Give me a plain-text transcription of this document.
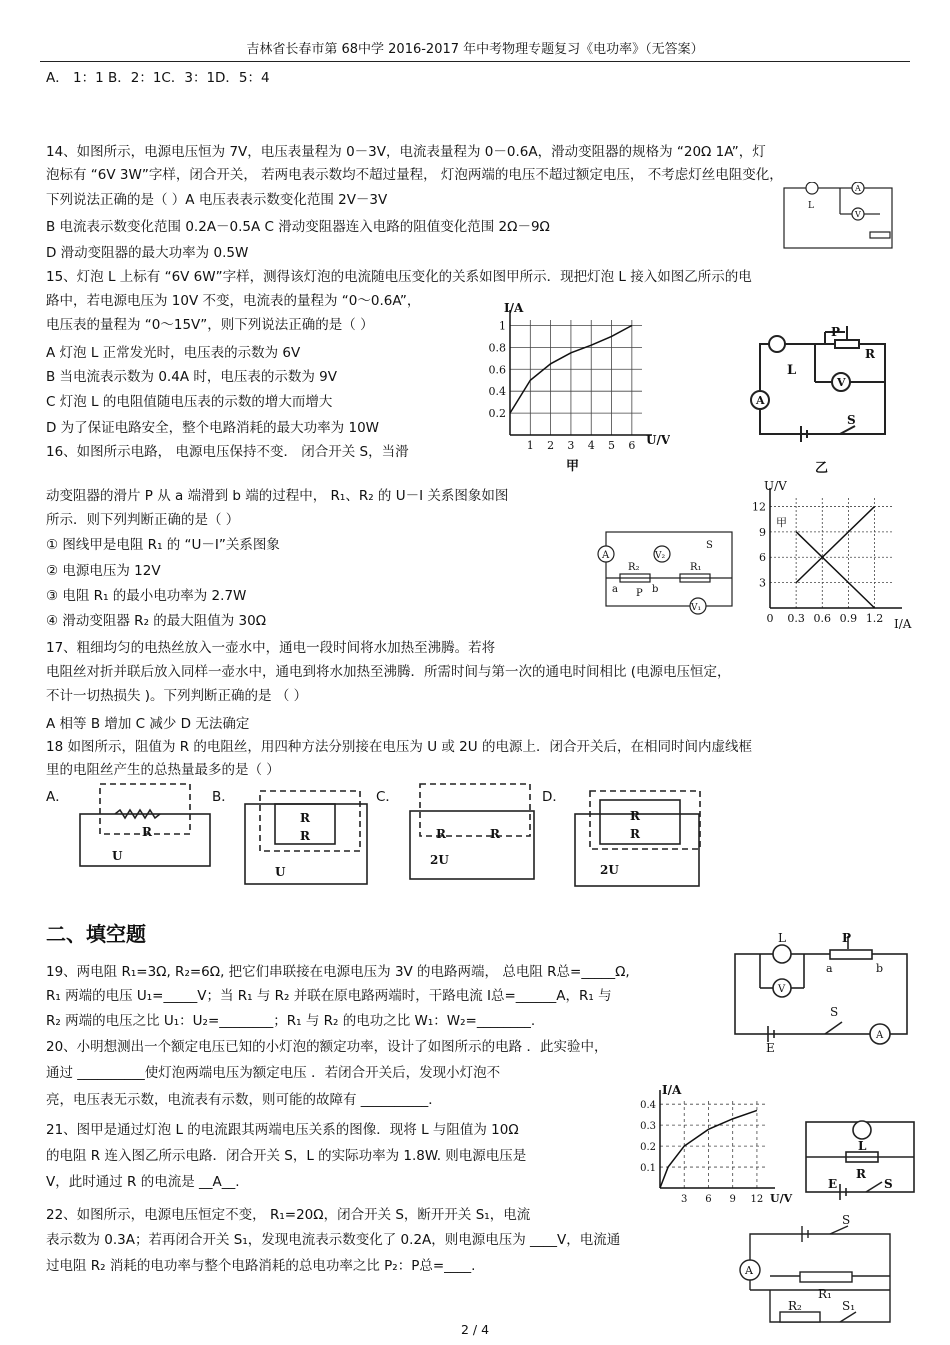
吉林省长春市第 68中学 2016-2017 年中考物理专题复习《电功率》（无答案）
A． 1：1 B．2：1C．3：1D．5：4
14、如图所示，电源电压恒为 7V，电压表量程为 0－3V，电流表量程为 0－0.6A，滑动变阻器的规格为 “20Ω 1A”，灯
泡标有 “6V 3W”字样，闭合开关， 若两电表示数均不超过量程， 灯泡两端的电压不超过额定电压， 不考虑灯丝电阻变化，
下列说法正确的是（ ）A 电压表表示数变化范围 2V－3V
B 电流表示数变化范围 0.2A－0.5A C 滑动变阻器连入电路的阻值变化范围 2Ω－9Ω
D 滑动变阻器的最大功率为 0.5W
15、灯泡 L 上标有 “6V 6W”字样，测得该灯泡的电流随电压变化的关系如图甲所示．现把灯泡 L 接入如图乙所示的电
路中，若电源电压为 10V 不变，电流表的量程为 “0～0.6A”，
电压表的量程为 “0～15V”，则下列说法正确的是（ ）
A 灯泡 L 正常发光时，电压表的示数为 6V
B 当电流表示数为 0.4A 时，电压表的示数为 9V
C 灯泡 L 的电阻值随电压表的示数的增大而增大
D 为了保证电路安全，整个电路消耗的最大功率为 10W
16、如图所示电路， 电源电压保持不变． 闭合开关 S，当滑
动变阻器的滑片 P 从 a 端滑到 b 端的过程中， R₁、R₂ 的 U－I 关系图象如图
所示．则下列判断正确的是（ ）
① 图线甲是电阻 R₁ 的 “U－I”关系图象
② 电源电压为 12V
③ 电阻 R₁ 的最小电功率为 2.7W
④ 滑动变阻器 R₂ 的最大阻值为 30Ω
17、粗细均匀的电热丝放入一壶水中，通电一段时间将水加热至沸腾。若将
电阻丝对折并联后放入同样一壶水中，通电到将水加热至沸腾．所需时间与第一次的通电时间相比 (电源电压恒定，
不计一切热损失 )。下列判断正确的是 （ ）
A 相等 B 增加 C 减少 D 无法确定
18 如图所示，阻值为 R 的电阻丝，用四种方法分别接在电压为 U 或 2U 的电源上．闭合开关后，在相同时间内虚线框
里的电阻丝产生的总热量最多的是（ ）
19、两电阻 R₁=3Ω, R₂=6Ω, 把它们串联接在电源电压为 3V 的电路两端， 总电阻 R总=_____Ω,
R₁ 两端的电压 U₁=_____V；当 R₁ 与 R₂ 并联在原电路两端时，干路电流 I总=______A，R₁ 与
R₂ 两端的电压之比 U₁：U₂=________；R₁ 与 R₂ 的电功之比 W₁：W₂=________.
20、小明想测出一个额定电压已知的小灯泡的额定功率，设计了如图所示的电路 ．此实验中，
通过 __________使灯泡两端电压为额定电压 ．若闭合开关后，发现小灯泡不
亮，电压表无示数，电流表有示数，则可能的故障有 __________．
21、图甲是通过灯泡 L 的电流跟其两端电压关系的图像．现将 L 与阻值为 10Ω
的电阻 R 连入图乙所示电路．闭合开关 S，L 的实际功率为 1.8W. 则电源电压是
V，此时通过 R 的电流是 __A__.
22、如图所示，电源电压恒定不变， R₁=20Ω，闭合开关 S，断开开关 S₁，电流
表示数为 0.3A；若再闭合开关 S₁，发现电流表示数变化了 0.2A，则电源电压为 ____V，电流通
过电阻 R₂ 消耗的电功率与整个电路消耗的总电功率之比 P₂：P总=____.
二、填空题
2 / 4
L
A
V
1 2 3 4 5 6
0.2
0.4
0.6
0.8
1
I/A
U/V
甲
L
P
R
A
V
S
乙
A	V₂
V₁
R₂	R₁
a P b
S
0 0.3 0.6 0.9 1.2
3
6
9
12
U/V
I/A
甲
A．	B．	C．	D．
R
U
R
R
U
R	R
2U
R
R
2U
L
V
P
a	b
S
E
A
3 6 9 12
0.1
0.2
0.3
0.4
I/A
U/V
L
R
E	S
S
A
R₁
R₂	S₁
